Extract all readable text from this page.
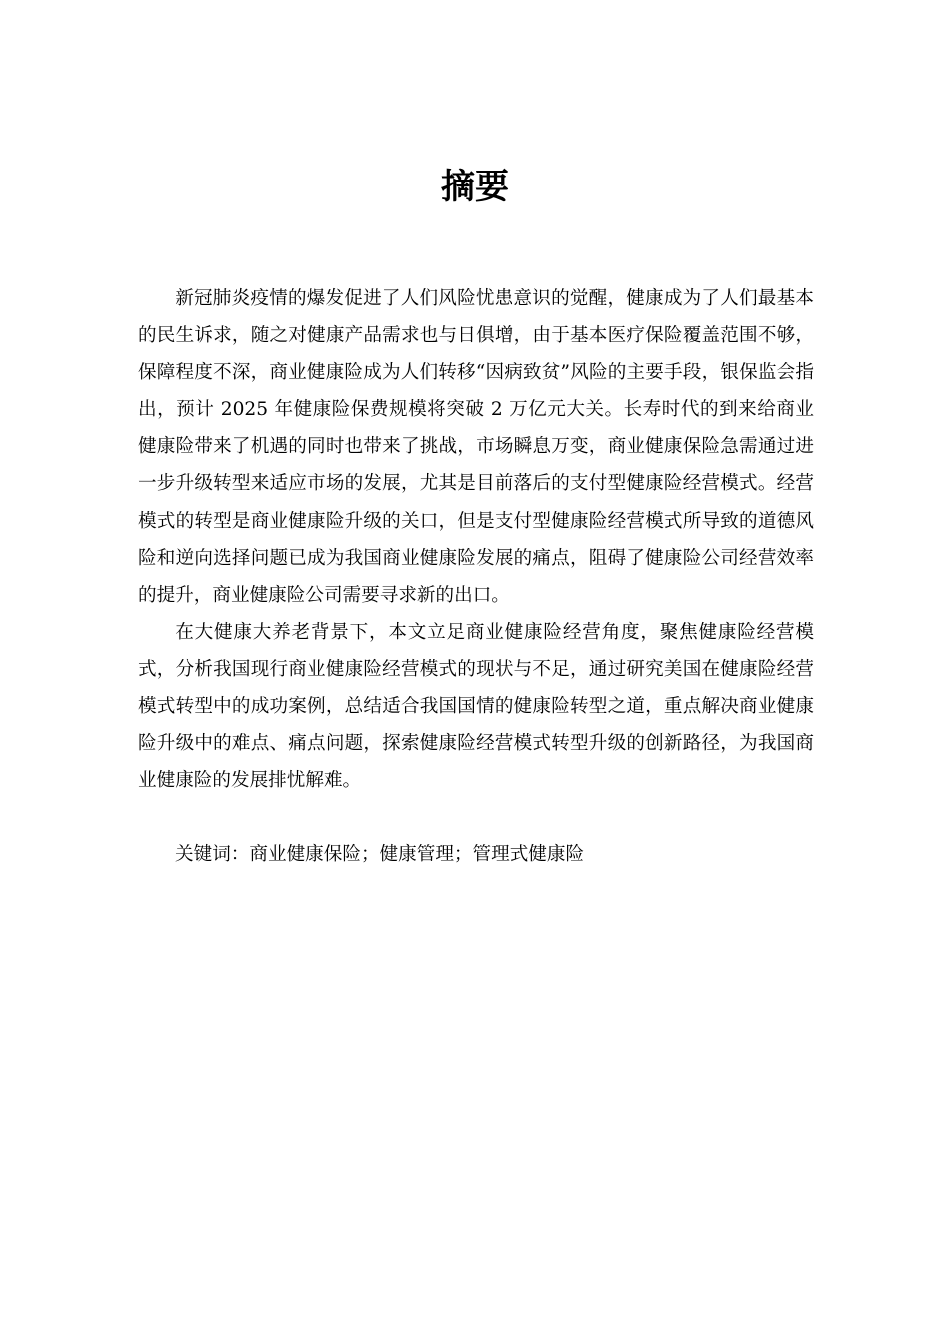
摘要

新冠肺炎疫情的爆发促进了人们风险忧患意识的觉醒，健康成为了人们最基本的民生诉求，随之对健康产品需求也与日俱增，由于基本医疗保险覆盖范围不够，保障程度不深，商业健康险成为人们转移“因病致贫”风险的主要手段，银保监会指出，预计 2025 年健康险保费规模将突破 2 万亿元大关。长寿时代的到来给商业健康险带来了机遇的同时也带来了挑战，市场瞬息万变，商业健康保险急需通过进一步升级转型来适应市场的发展，尤其是目前落后的支付型健康险经营模式。经营模式的转型是商业健康险升级的关口，但是支付型健康险经营模式所导致的道德风险和逆向选择问题已成为我国商业健康险发展的痛点，阻碍了健康险公司经营效率的提升，商业健康险公司需要寻求新的出口。

在大健康大养老背景下，本文立足商业健康险经营角度，聚焦健康险经营模式，分析我国现行商业健康险经营模式的现状与不足，通过研究美国在健康险经营模式转型中的成功案例，总结适合我国国情的健康险转型之道，重点解决商业健康险升级中的难点、痛点问题，探索健康险经营模式转型升级的创新路径，为我国商业健康险的发展排忧解难。

关键词：商业健康保险；健康管理；管理式健康险
